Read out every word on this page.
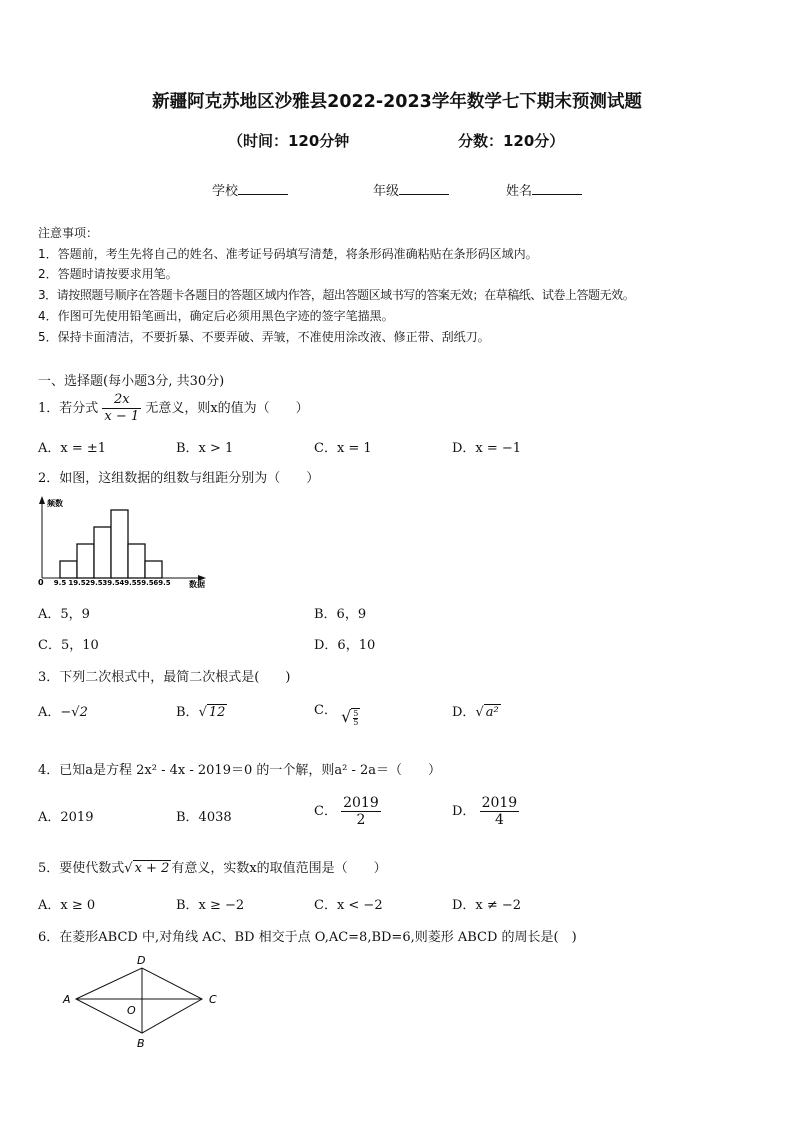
新疆阿克苏地区沙雅县2022-2023学年数学七下期末预测试题
（时间：120分钟	分数：120分）
学校	年级	姓名
注意事项：
1．答题前，考生先将自己的姓名、准考证号码填写清楚，将条形码准确粘贴在条形码区域内。
2．答题时请按要求用笔。
3．请按照题号顺序在答题卡各题目的答题区域内作答，超出答题区域书写的答案无效；在草稿纸、试卷上答题无效。
4．作图可先使用铅笔画出，确定后必须用黑色字迹的签字笔描黑。
5．保持卡面清洁，不要折暴、不要弄破、弄皱，不准使用涂改液、修正带、刮纸刀。
一、选择题(每小题3分, 共30分)
1．若分式 $\frac{2x}{x - 1}$ 无意义，则x的值为（　　）
A．x = ±1	B．x > 1	C．x = 1	D．x = −1
2．如图，这组数据的组数与组距分别为（　　）
频数
数据
0 9.5 19.5 29.5 39.5 49.5 59.5 69.5
A．5，9	B．6，9
C．5，10	D．6，10
3．下列二次根式中，最简二次根式是(　　)
A．−√2	B．√ 12	C． √ $\frac{5}{5}$	D．√ a²
4．已知a是方程 2x² - 4x - 2019＝0 的一个解，则a² - 2a＝（　　）
A．2019	B．4038	C． $\frac{2019}{2}$	D． $\frac{2019}{4}$
5．要使代数式√ x + 2 有意义，实数x的取值范围是（　　）
A．x ≥ 0	B．x ≥ −2	C．x < −2	D．x ≠ −2
6．在菱形ABCD 中,对角线 AC、BD 相交于点 O,AC=8,BD=6,则菱形 ABCD 的周长是(　)
A
B
C
D
O
